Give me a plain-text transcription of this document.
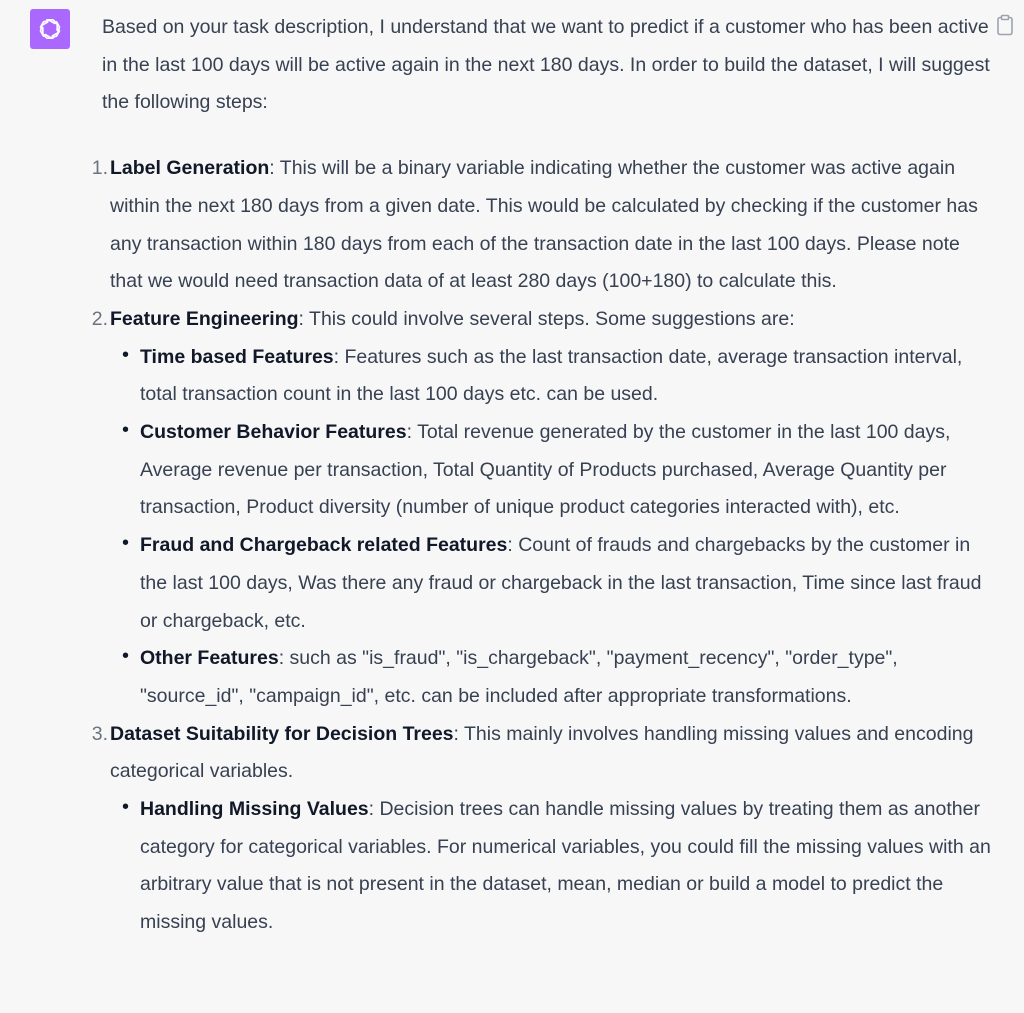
Based on your task description, I understand that we want to predict if a customer who has been active in the last 100 days will be active again in the next 180 days. In order to build the dataset, I will suggest the following steps:

1. Label Generation: This will be a binary variable indicating whether the customer was active again within the next 180 days from a given date. This would be calculated by checking if the customer has any transaction within 180 days from each of the transaction date in the last 100 days. Please note that we would need transaction data of at least 280 days (100+180) to calculate this.
2. Feature Engineering: This could involve several steps. Some suggestions are:
• Time based Features: Features such as the last transaction date, average transaction interval, total transaction count in the last 100 days etc. can be used.
• Customer Behavior Features: Total revenue generated by the customer in the last 100 days, Average revenue per transaction, Total Quantity of Products purchased, Average Quantity per transaction, Product diversity (number of unique product categories interacted with), etc.
• Fraud and Chargeback related Features: Count of frauds and chargebacks by the customer in the last 100 days, Was there any fraud or chargeback in the last transaction, Time since last fraud or chargeback, etc.
• Other Features: such as "is_fraud", "is_chargeback", "payment_recency", "order_type", "source_id", "campaign_id", etc. can be included after appropriate transformations.
3. Dataset Suitability for Decision Trees: This mainly involves handling missing values and encoding categorical variables.
• Handling Missing Values: Decision trees can handle missing values by treating them as another category for categorical variables. For numerical variables, you could fill the missing values with an arbitrary value that is not present in the dataset, mean, median or build a model to predict the missing values.
